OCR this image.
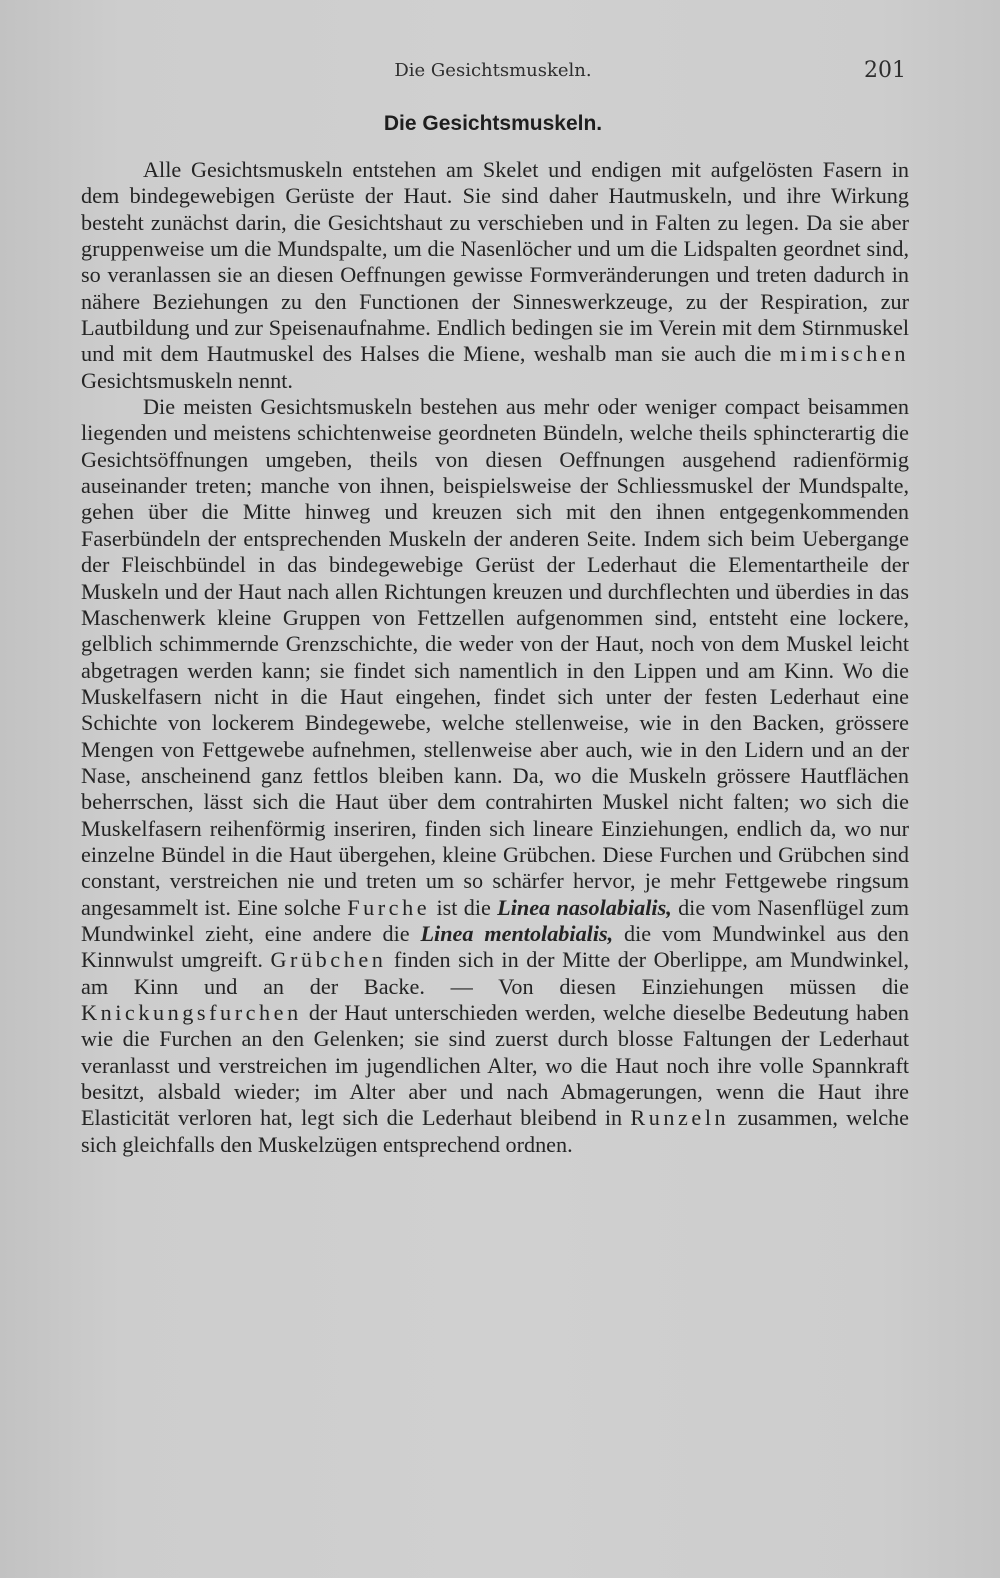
Die Gesichtsmuskeln.	201
Die Gesichtsmuskeln.

Alle Gesichtsmuskeln entstehen am Skelet und endigen mit aufgelösten Fasern in dem bindegewebigen Gerüste der Haut. Sie sind daher Hautmuskeln, und ihre Wirkung besteht zunächst darin, die Gesichtshaut zu verschieben und in Falten zu legen. Da sie aber gruppenweise um die Mundspalte, um die Nasenlöcher und um die Lidspalten geordnet sind, so veranlassen sie an diesen Oeffnungen gewisse Formveränderungen und treten dadurch in nähere Beziehungen zu den Functionen der Sinneswerkzeuge, zu der Respiration, zur Lautbildung und zur Speisenaufnahme. Endlich bedingen sie im Verein mit dem Stirnmuskel und mit dem Hautmuskel des Halses die Miene, weshalb man sie auch die mimischen Gesichtsmuskeln nennt.

Die meisten Gesichtsmuskeln bestehen aus mehr oder weniger compact beisammen liegenden und meistens schichtenweise geordneten Bündeln, welche theils sphincterartig die Gesichtsöffnungen umgeben, theils von diesen Oeffnungen ausgehend radienförmig auseinander treten; manche von ihnen, beispielsweise der Schliessmuskel der Mundspalte, gehen über die Mitte hinweg und kreuzen sich mit den ihnen entgegenkommenden Faserbündeln der entsprechenden Muskeln der anderen Seite. Indem sich beim Uebergange der Fleischbündel in das bindegewebige Gerüst der Lederhaut die Elementartheile der Muskeln und der Haut nach allen Richtungen kreuzen und durchflechten und überdies in das Maschenwerk kleine Gruppen von Fettzellen aufgenommen sind, entsteht eine lockere, gelblich schimmernde Grenzschichte, die weder von der Haut, noch von dem Muskel leicht abgetragen werden kann; sie findet sich namentlich in den Lippen und am Kinn. Wo die Muskelfasern nicht in die Haut eingehen, findet sich unter der festen Lederhaut eine Schichte von lockerem Bindegewebe, welche stellenweise, wie in den Backen, grössere Mengen von Fettgewebe aufnehmen, stellenweise aber auch, wie in den Lidern und an der Nase, anscheinend ganz fettlos bleiben kann. Da, wo die Muskeln grössere Hautflächen beherrschen, lässt sich die Haut über dem contrahirten Muskel nicht falten; wo sich die Muskelfasern reihenförmig inseriren, finden sich lineare Einziehungen, endlich da, wo nur einzelne Bündel in die Haut übergehen, kleine Grübchen. Diese Furchen und Grübchen sind constant, verstreichen nie und treten um so schärfer hervor, je mehr Fettgewebe ringsum angesammelt ist. Eine solche Furche ist die Linea nasolabialis, die vom Nasenflügel zum Mundwinkel zieht, eine andere die Linea mentolabialis, die vom Mundwinkel aus den Kinnwulst umgreift. Grübchen finden sich in der Mitte der Oberlippe, am Mundwinkel, am Kinn und an der Backe. — Von diesen Einziehungen müssen die Knickungsfurchen der Haut unterschieden werden, welche dieselbe Bedeutung haben wie die Furchen an den Gelenken; sie sind zuerst durch blosse Faltungen der Lederhaut veranlasst und verstreichen im jugendlichen Alter, wo die Haut noch ihre volle Spannkraft besitzt, alsbald wieder; im Alter aber und nach Abmagerungen, wenn die Haut ihre Elasticität verloren hat, legt sich die Lederhaut bleibend in Runzeln zusammen, welche sich gleichfalls den Muskelzügen entsprechend ordnen.
